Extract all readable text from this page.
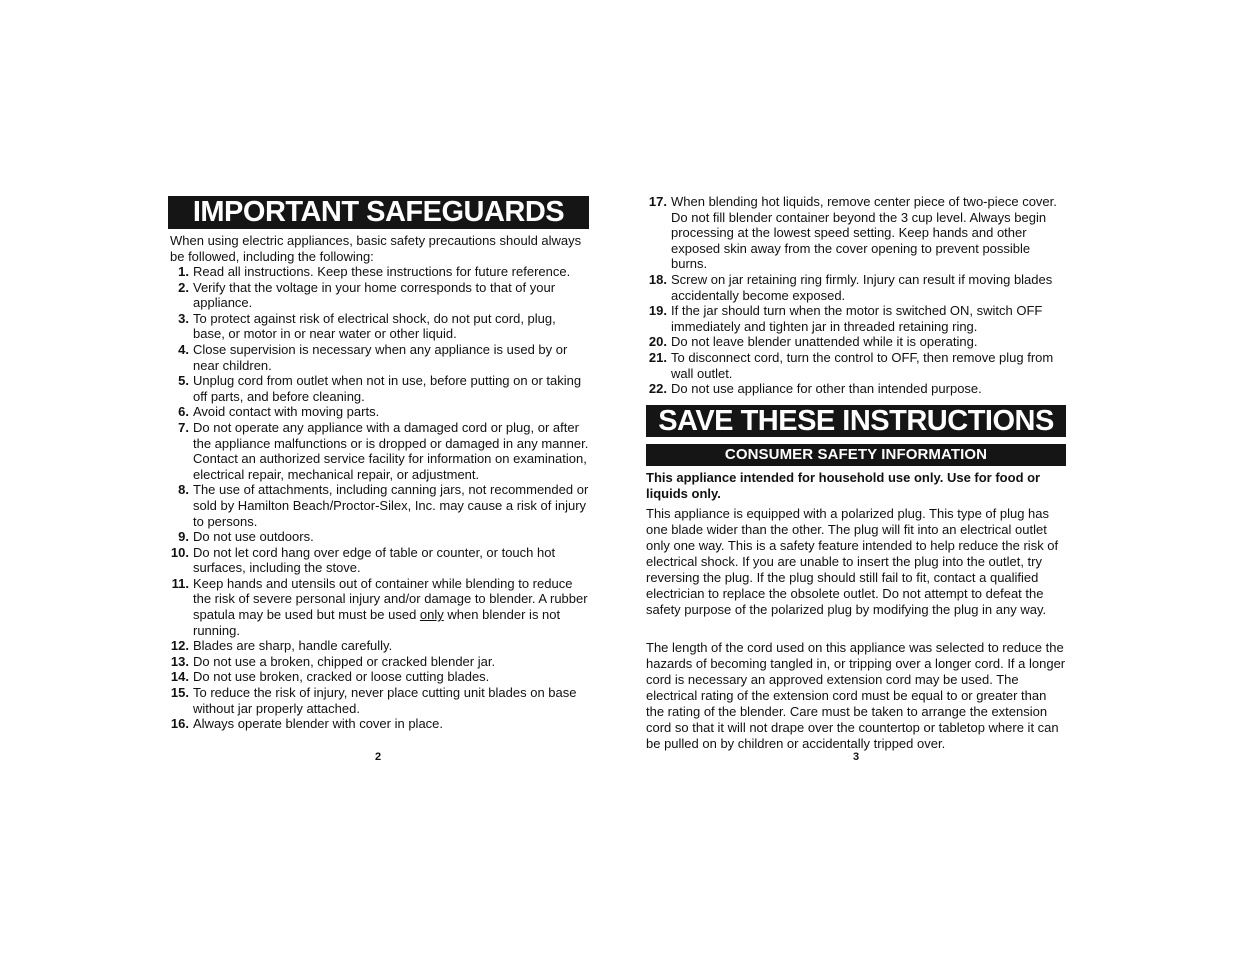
IMPORTANT SAFEGUARDS

When using electric appliances, basic safety precautions should always be followed, including the following:

1. Read all instructions. Keep these instructions for future reference.
2. Verify that the voltage in your home corresponds to that of your appliance.
3. To protect against risk of electrical shock, do not put cord, plug, base, or motor in or near water or other liquid.
4. Close supervision is necessary when any appliance is used by or near children.
5. Unplug cord from outlet when not in use, before putting on or taking off parts, and before cleaning.
6. Avoid contact with moving parts.
7. Do not operate any appliance with a damaged cord or plug, or after the appliance malfunctions or is dropped or damaged in any manner. Contact an authorized service facility for information on examination, electrical repair, mechanical repair, or adjustment.
8. The use of attachments, including canning jars, not recommended or sold by Hamilton Beach/Proctor-Silex, Inc. may cause a risk of injury to persons.
9. Do not use outdoors.
10. Do not let cord hang over edge of table or counter, or touch hot surfaces, including the stove.
11. Keep hands and utensils out of container while blending to reduce the risk of severe personal injury and/or damage to blender. A rubber spatula may be used but must be used only when blender is not running.
12. Blades are sharp, handle carefully.
13. Do not use a broken, chipped or cracked blender jar.
14. Do not use broken, cracked or loose cutting blades.
15. To reduce the risk of injury, never place cutting unit blades on base without jar properly attached.
16. Always operate blender with cover in place.
2
17. When blending hot liquids, remove center piece of two-piece cover. Do not fill blender container beyond the 3 cup level. Always begin processing at the lowest speed setting. Keep hands and other exposed skin away from the cover opening to prevent possible burns.
18. Screw on jar retaining ring firmly. Injury can result if moving blades accidentally become exposed.
19. If the jar should turn when the motor is switched ON, switch OFF immediately and tighten jar in threaded retaining ring.
20. Do not leave blender unattended while it is operating.
21. To disconnect cord, turn the control to OFF, then remove plug from wall outlet.
22. Do not use appliance for other than intended purpose.
SAVE THESE INSTRUCTIONS
CONSUMER SAFETY INFORMATION

This appliance intended for household use only. Use for food or liquids only.

This appliance is equipped with a polarized plug. This type of plug has one blade wider than the other. The plug will fit into an electrical outlet only one way. This is a safety feature intended to help reduce the risk of electrical shock. If you are unable to insert the plug into the outlet, try reversing the plug. If the plug should still fail to fit, contact a qualified electrician to replace the obsolete outlet. Do not attempt to defeat the safety purpose of the polarized plug by modifying the plug in any way.

The length of the cord used on this appliance was selected to reduce the hazards of becoming tangled in, or tripping over a longer cord. If a longer cord is necessary an approved extension cord may be used. The electrical rating of the extension cord must be equal to or greater than the rating of the blender. Care must be taken to arrange the extension cord so that it will not drape over the countertop or tabletop where it can be pulled on by children or accidentally tripped over.

3
